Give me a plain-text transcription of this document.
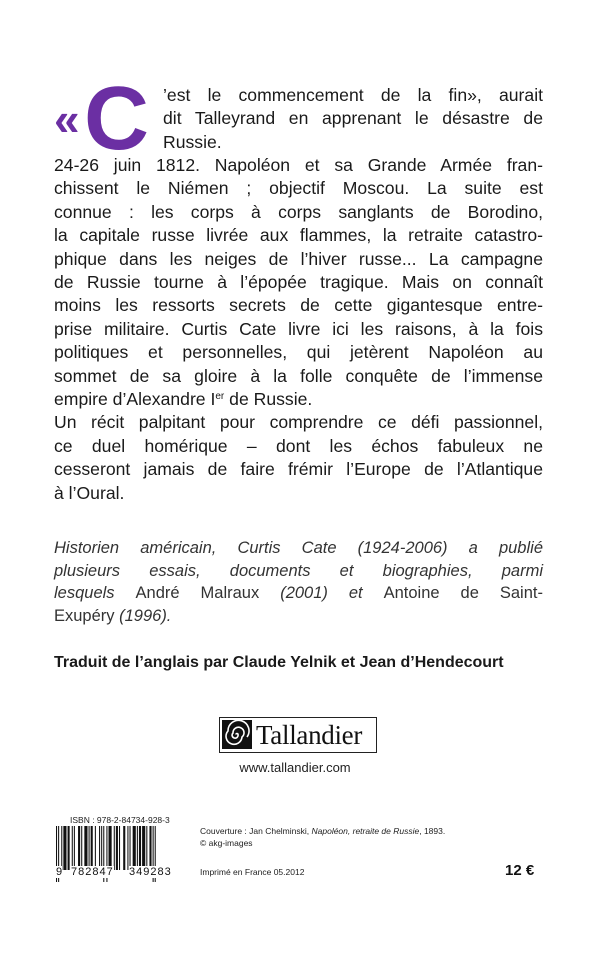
« C ’est le commencement de la fin», aurait
dit Talleyrand en apprenant le désastre de
Russie.
24-26 juin 1812. Napoléon et sa Grande Armée fran-
chissent le Niémen ; objectif Moscou. La suite est
connue : les corps à corps sanglants de Borodino,
la capitale russe livrée aux flammes, la retraite catastro-
phique dans les neiges de l’hiver russe... La campagne
de Russie tourne à l’épopée tragique. Mais on connaît
moins les ressorts secrets de cette gigantesque entre-
prise militaire. Curtis Cate livre ici les raisons, à la fois
politiques et personnelles, qui jetèrent Napoléon au
sommet de sa gloire à la folle conquête de l’immense
empire d’Alexandre Ier de Russie.
Un récit palpitant pour comprendre ce défi passionnel,
ce duel homérique – dont les échos fabuleux ne
cesseront jamais de faire frémir l’Europe de l’Atlantique
à l’Oural.
Historien américain, Curtis Cate (1924-2006) a publié
plusieurs essais, documents et biographies, parmi
lesquels André Malraux (2001) et Antoine de Saint-
Exupéry (1996).

Traduit de l’anglais par Claude Yelnik et Jean d’Hendecourt

Tallandier
www.tallandier.com
ISBN : 978-2-84734-928-3
9 782847 349283
Couverture : Jan Chelminski, Napoléon, retraite de Russie, 1893.
© akg-images
Imprimé en France 05.2012	12 €
